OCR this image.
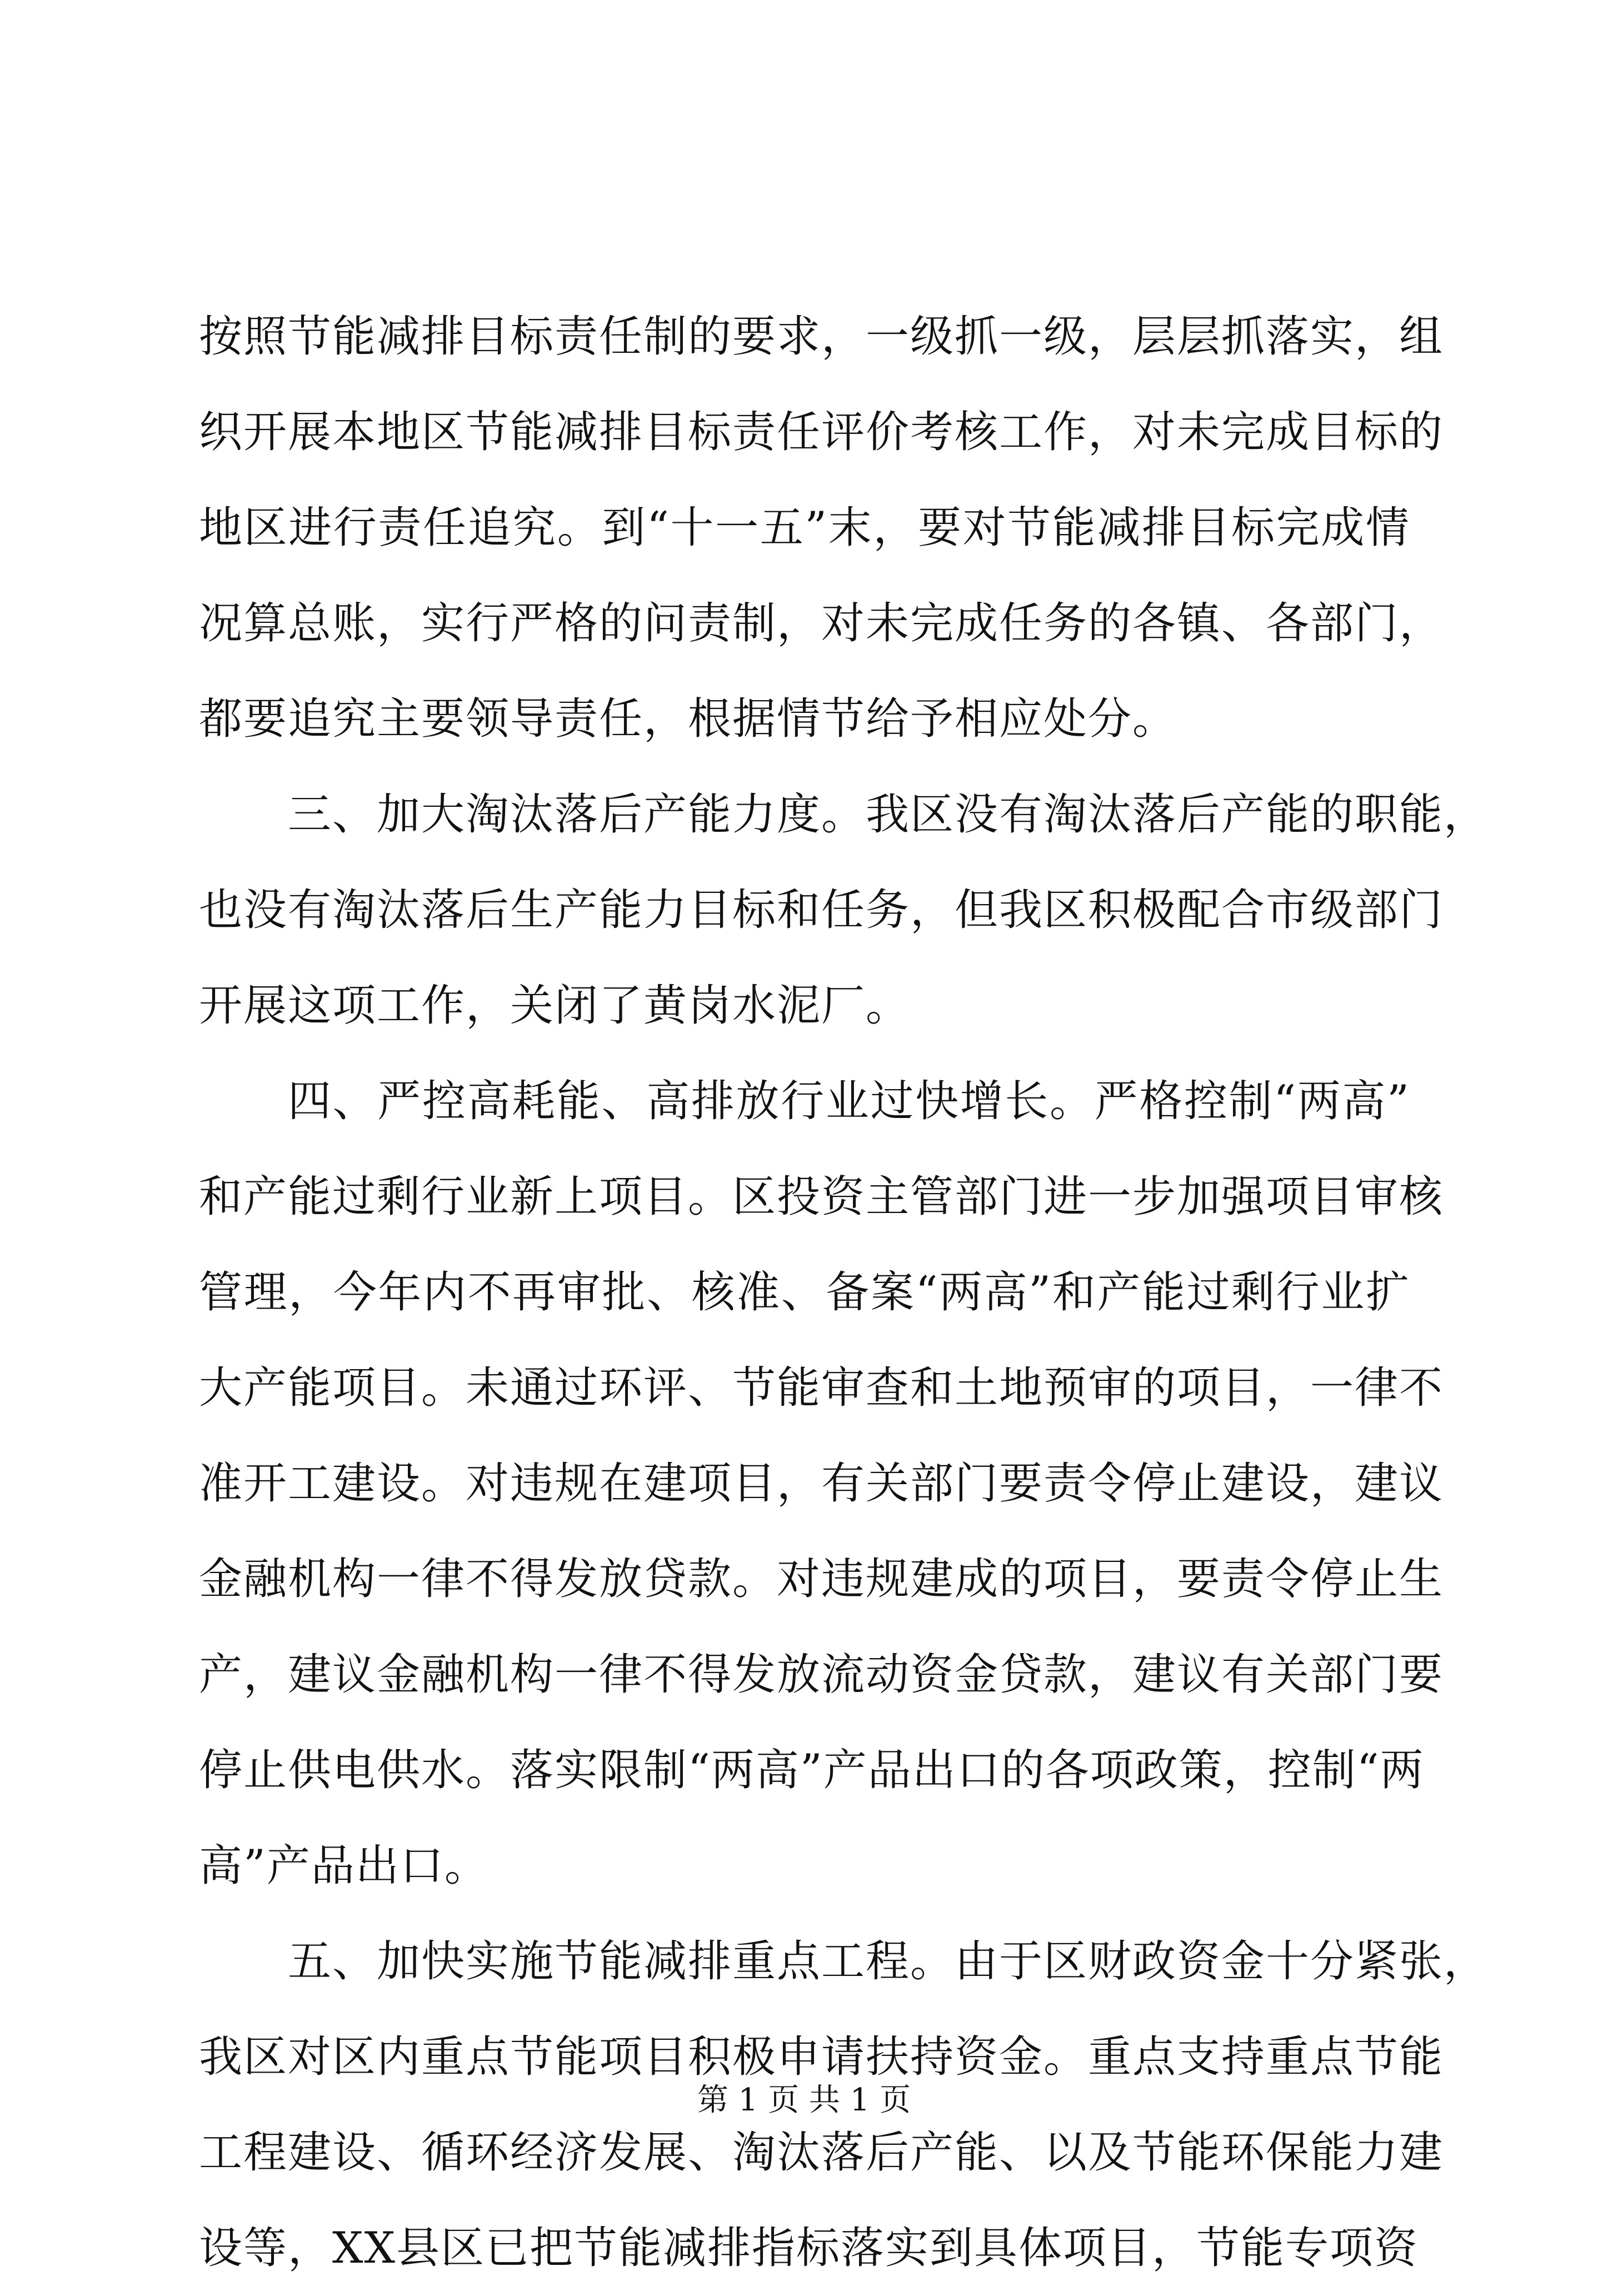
按照节能减排目标责任制的要求，一级抓一级，层层抓落实，组
织开展本地区节能减排目标责任评价考核工作，对未完成目标的
地区进行责任追究。到“十一五”末，要对节能减排目标完成情
况算总账，实行严格的问责制，对未完成任务的各镇、各部门，
都要追究主要领导责任，根据情节给予相应处分。
三、加大淘汰落后产能力度。我区没有淘汰落后产能的职能，
也没有淘汰落后生产能力目标和任务，但我区积极配合市级部门
开展这项工作，关闭了黄岗水泥厂。
四、严控高耗能、高排放行业过快增长。严格控制“两高”
和产能过剩行业新上项目。区投资主管部门进一步加强项目审核
管理，今年内不再审批、核准、备案“两高”和产能过剩行业扩
大产能项目。未通过环评、节能审查和土地预审的项目，一律不
准开工建设。对违规在建项目，有关部门要责令停止建设，建议
金融机构一律不得发放贷款。对违规建成的项目，要责令停止生
产，建议金融机构一律不得发放流动资金贷款，建议有关部门要
停止供电供水。落实限制“两高”产品出口的各项政策，控制“两
高”产品出口。
五、加快实施节能减排重点工程。由于区财政资金十分紧张，
我区对区内重点节能项目积极申请扶持资金。重点支持重点节能
工程建设、循环经济发展、淘汰落后产能、以及节能环保能力建
设等，XX县区已把节能减排指标落实到具体项目，节能专项资
第 1 页 共 1 页
